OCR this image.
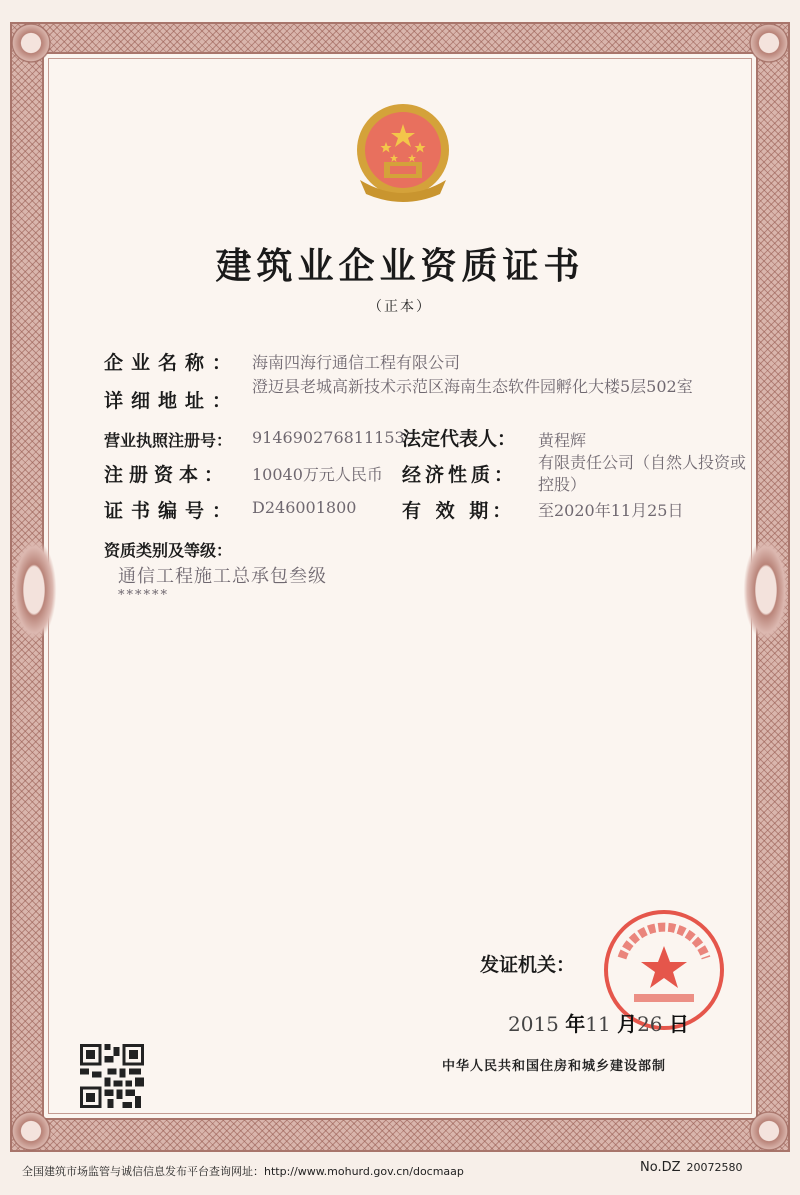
建筑业企业资质证书
（正本）
企业名称： 海南四海行通信工程有限公司
详细地址：
澄迈县老城高新技术示范区海南生态软件园孵化大楼5层502室
营业执照注册号： 914690276811153
法定代表人： 黄程辉
注册资本： 10040万元人民币 经济性质：
有限责任公司（自然人投资或控股）
证书编号： D246001800 有 效 期： 至2020年11月25日
资质类别及等级：
通信工程施工总承包叁级
******
发证机关：
2015 年11 月26 日
中华人民共和国住房和城乡建设部制
全国建筑市场监管与诚信信息发布平台查询网址：http://www.mohurd.gov.cn/docmaap	No.DZ 20072580
